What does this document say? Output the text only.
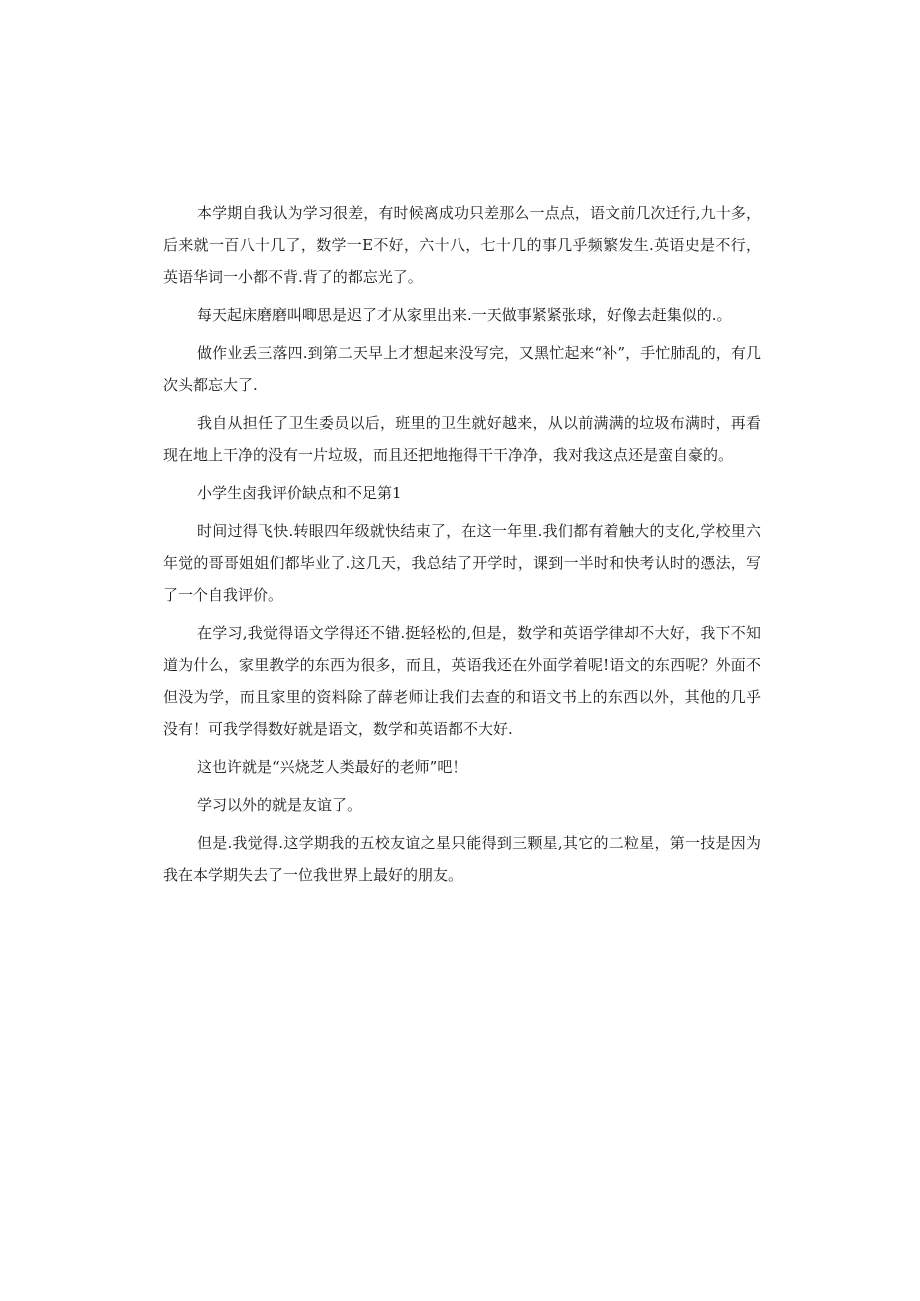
本学期自我认为学习很差，有时候离成功只差那么一点点，语文前几次迁行,九十多，后来就一百八十几了，数学一E不好，六十八，七十几的事几乎频繁发生.英语史是不行，英语华词一小都不背.背了的都忘光了。

每天起床磨磨叫唧思是迟了才从家里出来.一天做事紧紧张球，好像去赶集似的.。

做作业丢三落四.到第二天早上才想起来没写完，又黑忙起来“补”，手忙肺乱的，有几次头都忘大了.

我自从担任了卫生委员以后，班里的卫生就好越来，从以前满满的垃圾布满时，再看现在地上干净的没有一片垃圾，而且还把地拖得干干净净，我对我这点还是蛮自豪的。

小学生卤我评价缺点和不足第1

时间过得飞快.转眼四年级就快结束了，在这一年里.我们都有着触大的支化,学校里六年觉的哥哥姐姐们都毕业了.这几天，我总结了开学时，课到一半时和快考认时的憑法，写了一个自我评价。

在学习,我觉得语文学得还不错.挺轻松的,但是，数学和英语学律却不大好，我下不知道为什么，家里教学的东西为很多，而且，英语我还在外面学着呢!语文的东西呢？外面不但没为学，而且家里的资料除了薛老师让我们去查的和语文书上的东西以外，其他的几乎没有！可我学得数好就是语文，数学和英语都不大好.

这也许就是“兴烧芝人类最好的老师”吧！

学习以外的就是友谊了。

但是.我觉得.这学期我的五校友谊之星只能得到三颗星,其它的二粒星，第一技是因为我在本学期失去了一位我世界上最好的朋友。
